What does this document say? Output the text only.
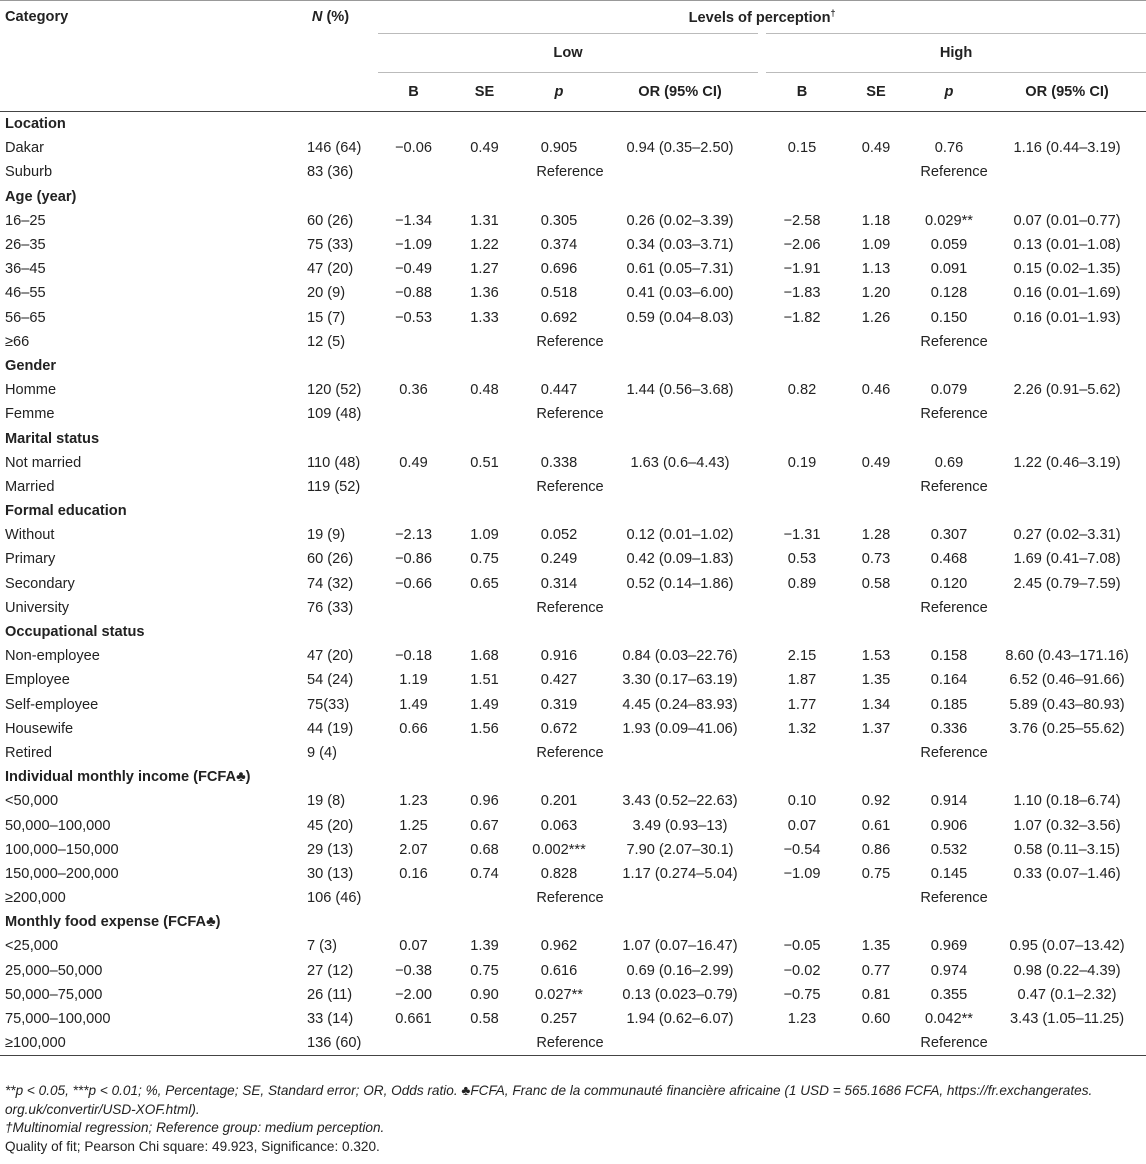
Category	N (%)	Levels of perception†
		Low				High			
		B	SE	p	OR (95% CI)	B	SE	p	OR (95% CI)
Location									
Dakar	146 (64)	−0.06	0.49	0.905	0.94 (0.35–2.50)	0.15	0.49	0.76	1.16 (0.44–3.19)
Suburb	83 (36)	Reference				Reference			
Age (year)									
16–25	60 (26)	−1.34	1.31	0.305	0.26 (0.02–3.39)	−2.58	1.18	0.029**	0.07 (0.01–0.77)
26–35	75 (33)	−1.09	1.22	0.374	0.34 (0.03–3.71)	−2.06	1.09	0.059	0.13 (0.01–1.08)
36–45	47 (20)	−0.49	1.27	0.696	0.61 (0.05–7.31)	−1.91	1.13	0.091	0.15 (0.02–1.35)
46–55	20 (9)	−0.88	1.36	0.518	0.41 (0.03–6.00)	−1.83	1.20	0.128	0.16 (0.01–1.69)
56–65	15 (7)	−0.53	1.33	0.692	0.59 (0.04–8.03)	−1.82	1.26	0.150	0.16 (0.01–1.93)
≥66	12 (5)	Reference				Reference			
Gender									
Homme	120 (52)	0.36	0.48	0.447	1.44 (0.56–3.68)	0.82	0.46	0.079	2.26 (0.91–5.62)
Femme	109 (48)	Reference				Reference			
Marital status									
Not married	110 (48)	0.49	0.51	0.338	1.63 (0.6–4.43)	0.19	0.49	0.69	1.22 (0.46–3.19)
Married	119 (52)	Reference				Reference			
Formal education									
Without	19 (9)	−2.13	1.09	0.052	0.12 (0.01–1.02)	−1.31	1.28	0.307	0.27 (0.02–3.31)
Primary	60 (26)	−0.86	0.75	0.249	0.42 (0.09–1.83)	0.53	0.73	0.468	1.69 (0.41–7.08)
Secondary	74 (32)	−0.66	0.65	0.314	0.52 (0.14–1.86)	0.89	0.58	0.120	2.45 (0.79–7.59)
University	76 (33)	Reference				Reference			
Occupational status									
Non-employee	47 (20)	−0.18	1.68	0.916	0.84 (0.03–22.76)	2.15	1.53	0.158	8.60 (0.43–171.16)
Employee	54 (24)	1.19	1.51	0.427	3.30 (0.17–63.19)	1.87	1.35	0.164	6.52 (0.46–91.66)
Self-employee	75(33)	1.49	1.49	0.319	4.45 (0.24–83.93)	1.77	1.34	0.185	5.89 (0.43–80.93)
Housewife	44 (19)	0.66	1.56	0.672	1.93 (0.09–41.06)	1.32	1.37	0.336	3.76 (0.25–55.62)
Retired	9 (4)	Reference				Reference			
Individual monthly income (FCFA♣)									
<50,000	19 (8)	1.23	0.96	0.201	3.43 (0.52–22.63)	0.10	0.92	0.914	1.10 (0.18–6.74)
50,000–100,000	45 (20)	1.25	0.67	0.063	3.49 (0.93–13)	0.07	0.61	0.906	1.07 (0.32–3.56)
100,000–150,000	29 (13)	2.07	0.68	0.002***	7.90 (2.07–30.1)	−0.54	0.86	0.532	0.58 (0.11–3.15)
150,000–200,000	30 (13)	0.16	0.74	0.828	1.17 (0.274–5.04)	−1.09	0.75	0.145	0.33 (0.07–1.46)
≥200,000	106 (46)	Reference				Reference			
Monthly food expense (FCFA♣)									
<25,000	7 (3)	0.07	1.39	0.962	1.07 (0.07–16.47)	−0.05	1.35	0.969	0.95 (0.07–13.42)
25,000–50,000	27 (12)	−0.38	0.75	0.616	0.69 (0.16–2.99)	−0.02	0.77	0.974	0.98 (0.22–4.39)
50,000–75,000	26 (11)	−2.00	0.90	0.027**	0.13 (0.023–0.79)	−0.75	0.81	0.355	0.47 (0.1–2.32)
75,000–100,000	33 (14)	0.661	0.58	0.257	1.94 (0.62–6.07)	1.23	0.60	0.042**	3.43 (1.05–11.25)
≥100,000	136 (60)	Reference				Reference			
**p < 0.05, ***p < 0.01; %, Percentage; SE, Standard error; OR, Odds ratio. ♣FCFA, Franc de la communauté financière africaine (1 USD = 565.1686 FCFA, https://fr.exchangerates.
org.uk/convertir/USD-XOF.html).
†Multinomial regression; Reference group: medium perception.
Quality of fit; Pearson Chi square: 49.923, Significance: 0.320.
